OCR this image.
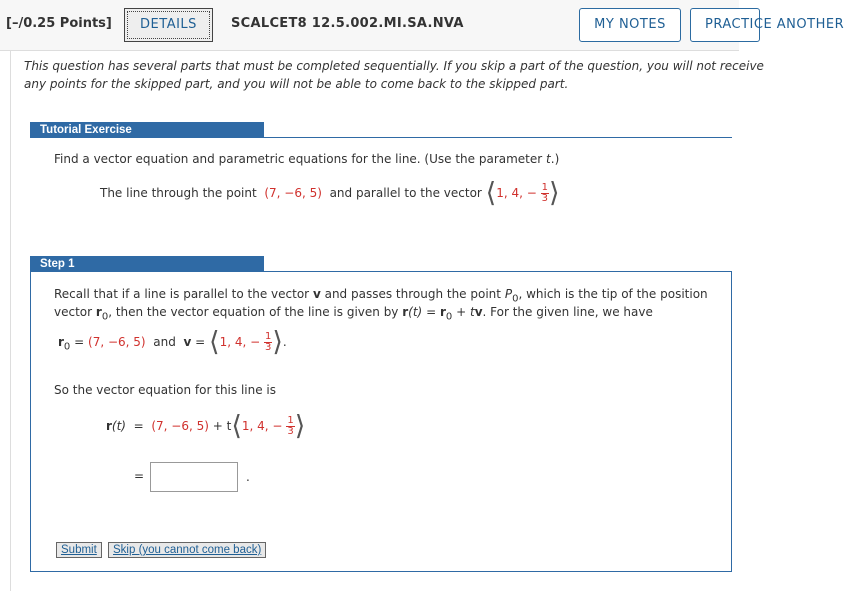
[–/0.25 Points]	DETAILS	SCALCET8 12.5.002.MI.SA.NVA	MY NOTES	PRACTICE ANOTHER
This question has several parts that must be completed sequentially. If you skip a part of the question, you will not receive any points for the skipped part, and you will not be able to come back to the skipped part.
Tutorial Exercise
Find a vector equation and parametric equations for the line. (Use the parameter t.)
The line through the point (7, −6, 5) and parallel to the vector ⟨1, 4, − $\frac{1}{3}$ ⟩
Step 1
Recall that if a line is parallel to the vector v and passes through the point $P_0$, which is the tip of the position
vector $r_0$, then the vector equation of the line is given by $r(t) = r_0$ + tv. For the given line, we have
$r_0 = (7$, −6, 5) and v = ⟨1, 4, − $\frac{1}{3}$ ⟩.
So the vector equation for this line is
r(t) = (7, −6, 5) + t⟨1, 4, − $\frac{1}{3}$ ⟩
=	.
Submit	Skip (you cannot come back)
